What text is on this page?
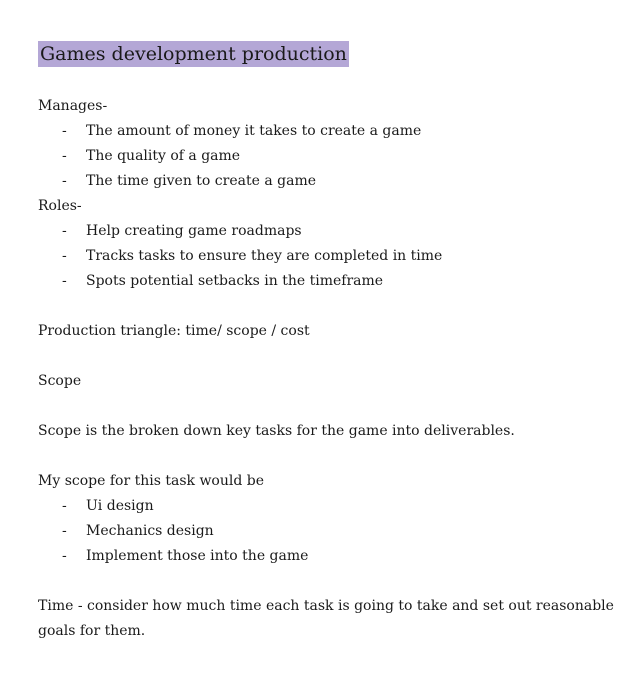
Games development production
Manages-
- The amount of money it takes to create a game
- The quality of a game
- The time given to create a game
Roles-
- Help creating game roadmaps
- Tracks tasks to ensure they are completed in time
- Spots potential setbacks in the timeframe
Production triangle: time/ scope / cost
Scope
Scope is the broken down key tasks for the game into deliverables.
My scope for this task would be
- Ui design
- Mechanics design
- Implement those into the game
Time - consider how much time each task is going to take and set out reasonable goals for them.
